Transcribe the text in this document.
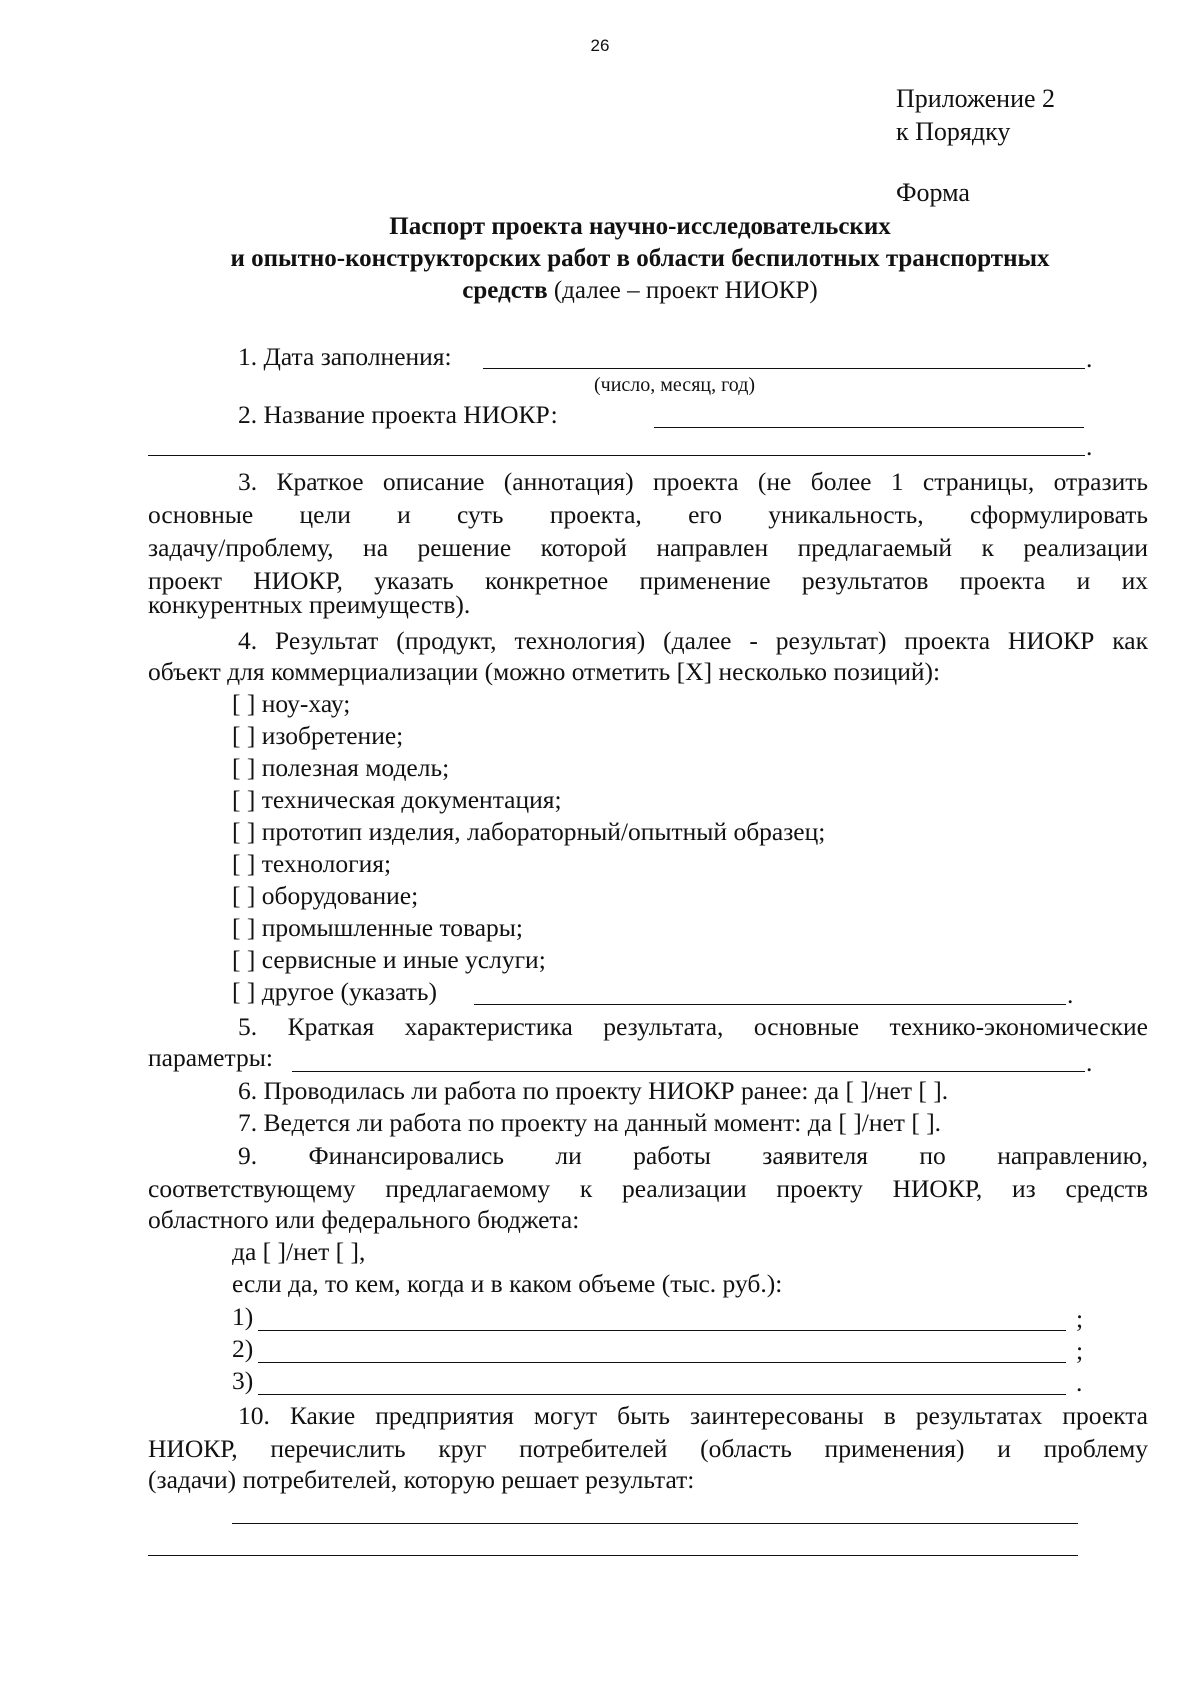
26
Приложение 2
к Порядку
Форма
Паспорт проекта научно-исследовательских
и опытно-конструкторских работ в области беспилотных транспортных
средств (далее – проект НИОКР)
1. Дата заполнения:	.
(число, месяц, год)
2. Название проекта НИОКР:
.
3. Краткое описание (аннотация) проекта (не более 1 страницы, отразить
основные цели и суть проекта, его уникальность, сформулировать
задачу/проблему, на решение которой направлен предлагаемый к реализации
проект НИОКР, указать конкретное применение результатов проекта и их
конкурентных преимуществ).
4. Результат (продукт, технология) (далее - результат) проекта НИОКР как
объект для коммерциализации (можно отметить [X] несколько позиций):
[ ] ноу-хау;
[ ] изобретение;
[ ] полезная модель;
[ ] техническая документация;
[ ] прототип изделия, лабораторный/опытный образец;
[ ] технология;
[ ] оборудование;
[ ] промышленные товары;
[ ] сервисные и иные услуги;
[ ] другое (указать)	.
5. Краткая характеристика результата, основные технико-экономические
параметры:	.
6. Проводилась ли работа по проекту НИОКР ранее: да [ ]/нет [ ].
7. Ведется ли работа по проекту на данный момент: да [ ]/нет [ ].
9. Финансировались ли работы заявителя по направлению,
соответствующему предлагаемому к реализации проекту НИОКР, из средств
областного или федерального бюджета:
да [ ]/нет [ ],
если да, то кем, когда и в каком объеме (тыс. руб.):
1)	;
2)	;
3)	.
10. Какие предприятия могут быть заинтересованы в результатах проекта
НИОКР, перечислить круг потребителей (область применения) и проблему
(задачи) потребителей, которую решает результат:
